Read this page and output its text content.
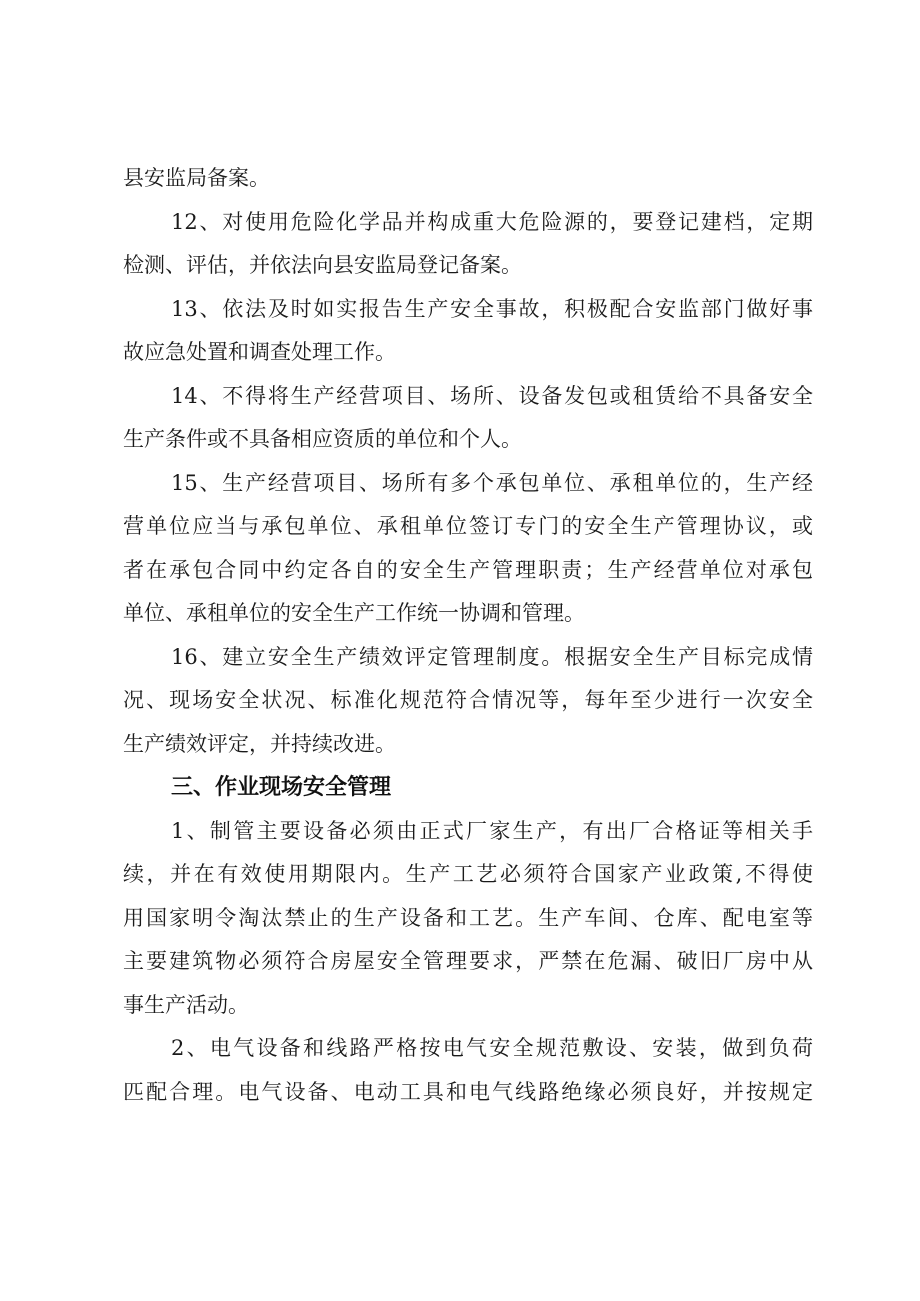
县安监局备案。
12、对使用危险化学品并构成重大危险源的，要登记建档，定期
检测、评估，并依法向县安监局登记备案。
13、依法及时如实报告生产安全事故，积极配合安监部门做好事
故应急处置和调查处理工作。
14、不得将生产经营项目、场所、设备发包或租赁给不具备安全
生产条件或不具备相应资质的单位和个人。
15、生产经营项目、场所有多个承包单位、承租单位的，生产经
营单位应当与承包单位、承租单位签订专门的安全生产管理协议，或
者在承包合同中约定各自的安全生产管理职责；生产经营单位对承包
单位、承租单位的安全生产工作统一协调和管理。
16、建立安全生产绩效评定管理制度。根据安全生产目标完成情
况、现场安全状况、标准化规范符合情况等，每年至少进行一次安全
生产绩效评定，并持续改进。
三、作业现场安全管理
1、制管主要设备必须由正式厂家生产，有出厂合格证等相关手
续，并在有效使用期限内。生产工艺必须符合国家产业政策,不得使
用国家明令淘汰禁止的生产设备和工艺。生产车间、仓库、配电室等
主要建筑物必须符合房屋安全管理要求，严禁在危漏、破旧厂房中从
事生产活动。
2、电气设备和线路严格按电气安全规范敷设、安装，做到负荷
匹配合理。电气设备、电动工具和电气线路绝缘必须良好，并按规定
